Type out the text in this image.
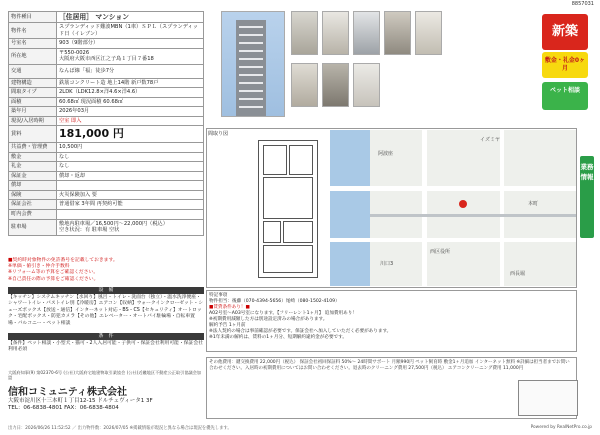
8857031
物件種目	［住居用］ マンション
物件名	スプランディッド難波MBN（1車）ＳＰＬ（スプランディッド日（イレブン）
号室名	903（9階部分）
所在地	〒550-0026
大阪府大阪市西区江之子島１丁目７番18
交通	なんば線「福」徒歩7分
建物構造	鉄筋コンクリート造 地上14階 新戸数78戸
間取タイプ	2LDK（LDK12.8×洋4.6×洋4.6）
面積	60.68㎡ 現況面積 60.68㎡
築年月	2026年03月
現況/入居時期	空室 即入
賃料	181,000 円
共益費・管理費	10,500円
敷金	なし
礼金	なし
保証金	償却・返却
償却	
保険	火災保険加入 要
保証会社	普通借家 3年間 再契約可能
町内会費	
駐車場	敷地内駐車場／16,500円〜22,000円（税込）
空き状況：有 駐車場 空状
■契約時対象物件の免許番号を記載しておきます。
※単価・値引き・仲介手数料
※リフォーム等の予算をご確認ください。
※自己責任の際の予算をご確認ください。
設　備
【キッチン】システムキッチン【水回り】風呂・トイレ・洗面台（独立）・温水洗浄便座・シャワートイレ・バストイレ別【冷暖房】エアコン【収納】ウォークインクローゼット・シューズボックス【放送・通信】インターネット対応・BS・CS【セキュリティ】オートロック・宅配ボックス・防犯カメラ【その他】エレベーター・オートバイ駐輪場・自転車置場・バルコニー・ペット相談
条　件
【条件】ペット相談・小型犬・猫可・2人入居可能・子供可・保証会社利用可能・保証会社利用必須
新築
敷金・礼金0ヶ月
ペット相談
間取り図
イズミヤ
阿波座
本町
西区役所
川口3
西長堀
業務情報
特記事項
物件担当：後藤（070-4394-5656）尾崎（080-1502-4109）
■賃貸条件あり！■
A02号室〜A03号室になります。【フリーレント1ヶ月】 追加費用あり！
※初期費用減額した方は別途設定済みの場合があります。
解約予告 1ヶ月前
※法人契約の場合は事前確認が必要です。保証会社へ加入していただく必要があります。
※1年未満の解約は、賃料の1ヶ月分、短期解約違約金が必要です。
その他費用：鍵交換費用 22,000円（税込） 保証会社初回保証料 50%〜 24時間サポート 月額990円 ペット飼育時 敷金1ヶ月追加 インターネット無料 ※詳細は担当者までお問い合わせください。入居時の初期費用についてはお問い合わせください。退去時のクリーニング費用 27,500円（税込） エアコンクリーニング費用 11,000円
大阪府知事(9) 第02370-6号 (公社)大阪府宅地建物取引業協会 (公社)近畿地区不動産公正取引協議会加盟
信和コミュニティ株式会社
大阪市淀川区十三本町１丁目12-15 ドルチェヴィータ1 3F
TEL：06-6838-4801 FAX：06-6838-4804
出力日：2026/06/26 11:52:52 ／ 出力物件数：2026/07/05 ※掲載情報が現況と異なる場合は現況を優先します。	Powered by RealNetPro.co.jp
